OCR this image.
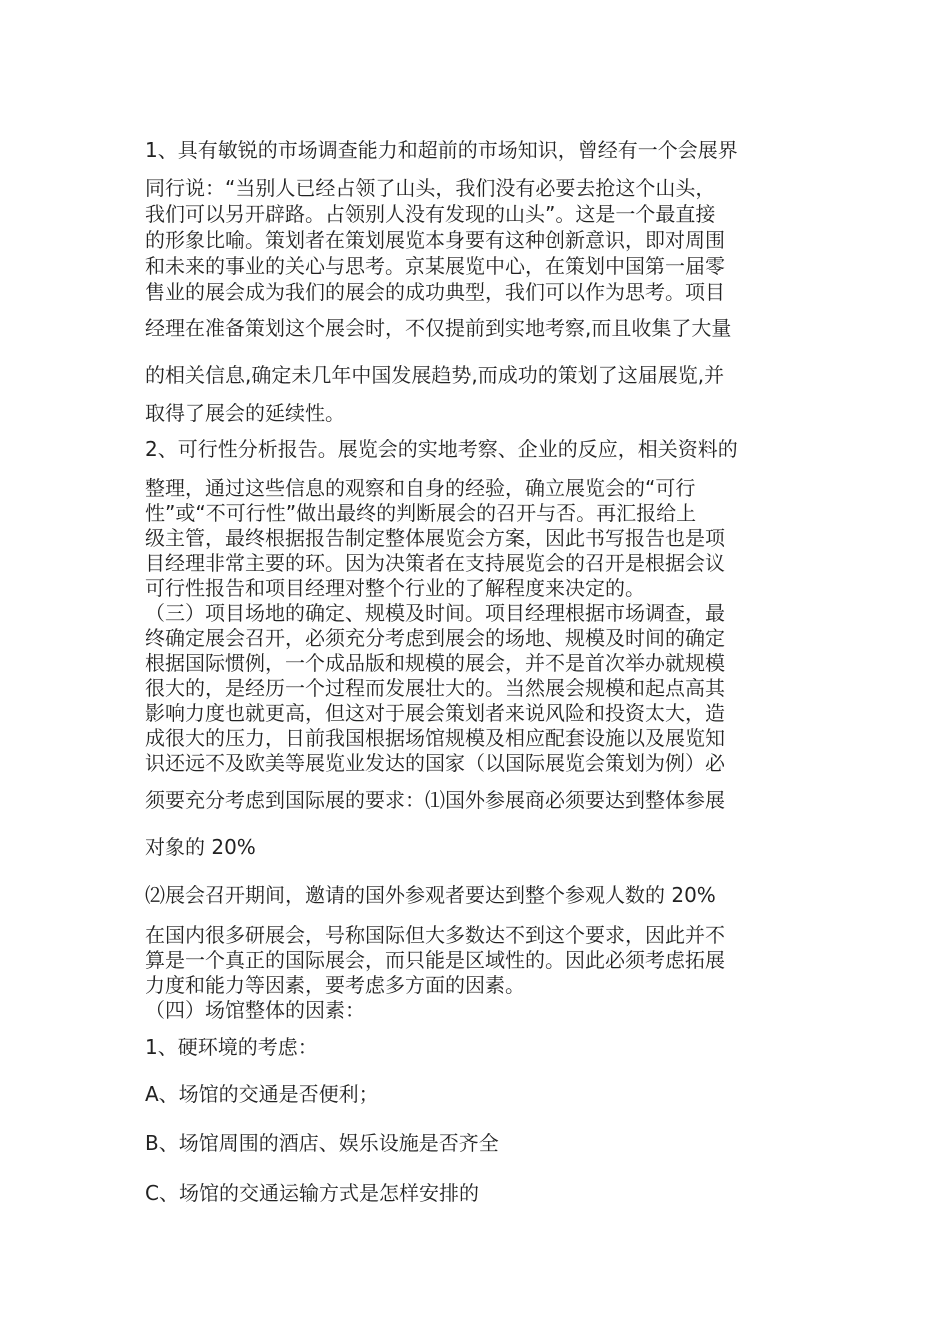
1、具有敏锐的市场调查能力和超前的市场知识，曾经有一个会展界
同行说：“当别人已经占领了山头，我们没有必要去抢这个山头，
我们可以另开辟路。占领别人没有发现的山头”。这是一个最直接
的形象比喻。策划者在策划展览本身要有这种创新意识，即对周围
和未来的事业的关心与思考。京某展览中心，在策划中国第一届零
售业的展会成为我们的展会的成功典型，我们可以作为思考。项目
经理在准备策划这个展会时，不仅提前到实地考察,而且收集了大量
的相关信息,确定未几年中国发展趋势,而成功的策划了这届展览,并
取得了展会的延续性。
2、可行性分析报告。展览会的实地考察、企业的反应，相关资料的
整理，通过这些信息的观察和自身的经验，确立展览会的“可行
性”或“不可行性”做出最终的判断展会的召开与否。再汇报给上
级主管，最终根据报告制定整体展览会方案，因此书写报告也是项
目经理非常主要的环。因为决策者在支持展览会的召开是根据会议
可行性报告和项目经理对整个行业的了解程度来决定的。
（三）项目场地的确定、规模及时间。项目经理根据市场调查，最
终确定展会召开，必须充分考虑到展会的场地、规模及时间的确定
根据国际惯例，一个成品版和规模的展会，并不是首次举办就规模
很大的，是经历一个过程而发展壮大的。当然展会规模和起点高其
影响力度也就更高，但这对于展会策划者来说风险和投资太大，造
成很大的压力，日前我国根据场馆规模及相应配套设施以及展览知
识还远不及欧美等展览业发达的国家（以国际展览会策划为例）必
须要充分考虑到国际展的要求：⑴国外参展商必须要达到整体参展
对象的 20%
⑵展会召开期间，邀请的国外参观者要达到整个参观人数的 20%
在国内很多研展会，号称国际但大多数达不到这个要求，因此并不
算是一个真正的国际展会，而只能是区域性的。因此必须考虑拓展
力度和能力等因素，要考虑多方面的因素。
（四）场馆整体的因素：
1、硬环境的考虑：
A、场馆的交通是否便利；
B、场馆周围的酒店、娱乐设施是否齐全
C、场馆的交通运输方式是怎样安排的
